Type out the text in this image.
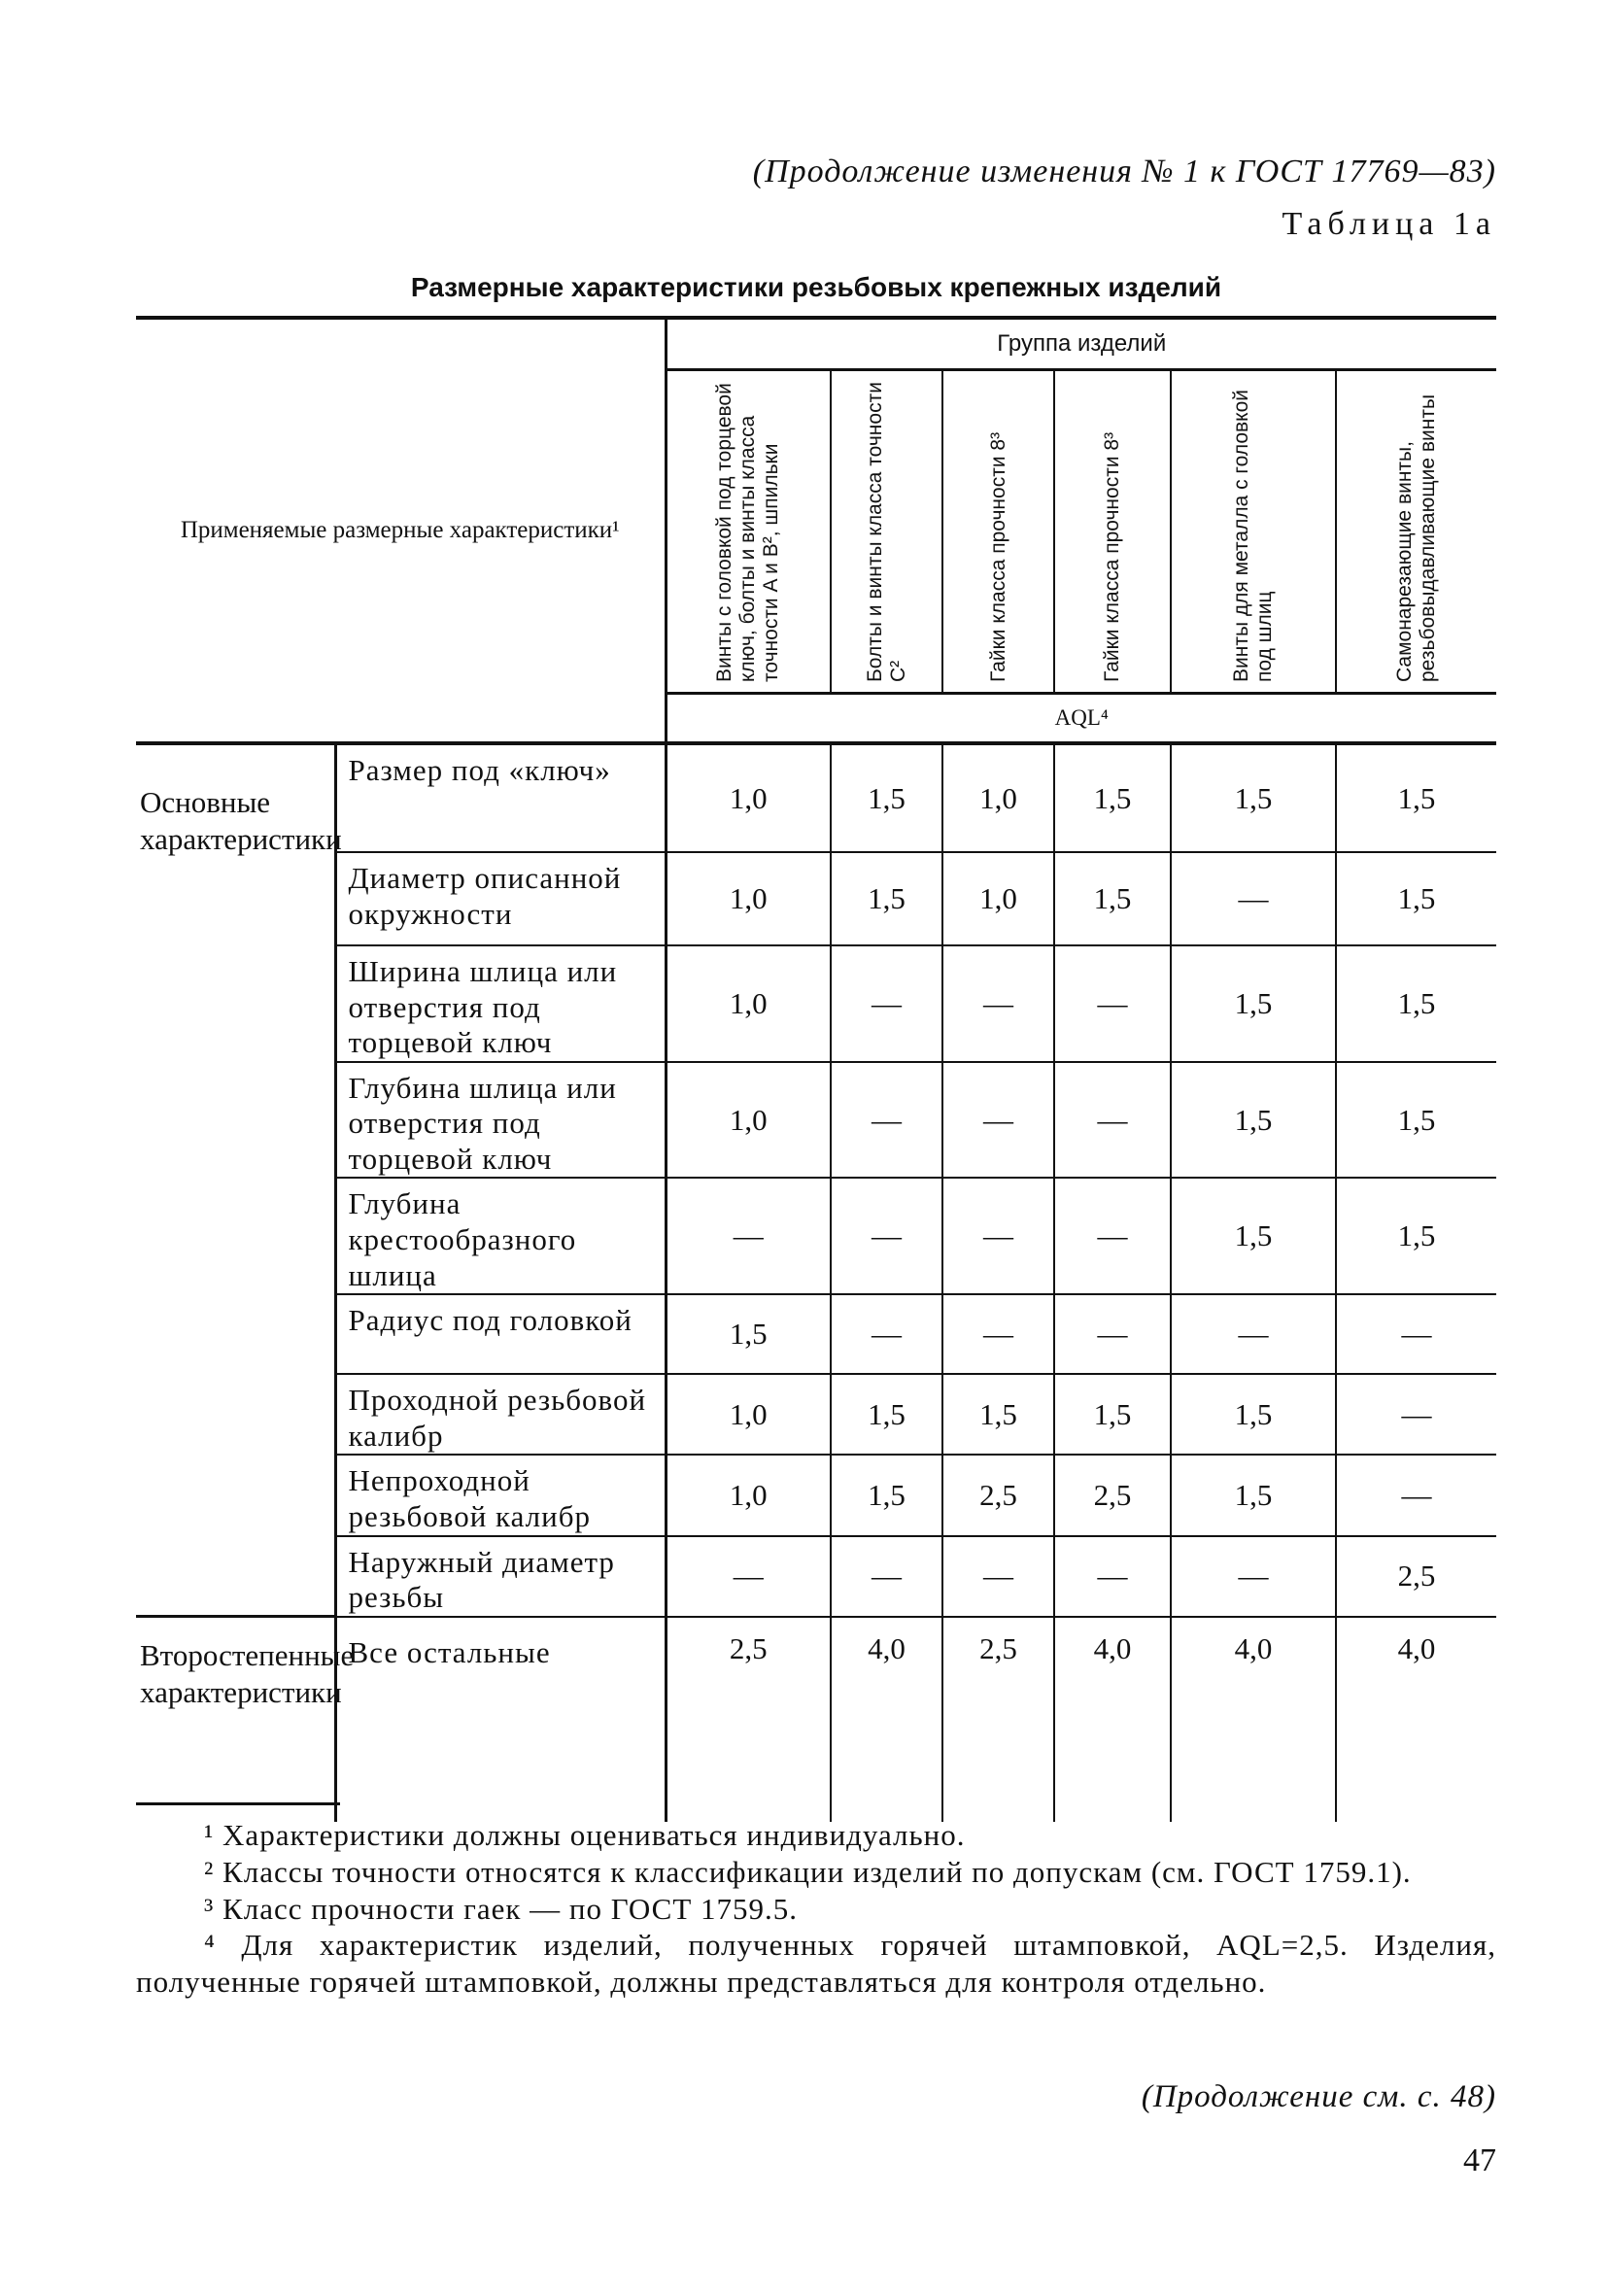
(Продолжение изменения № 1 к ГОСТ 17769—83)
Таблица 1а
Размерные характеристики резьбовых крепежных изделий
Применяемые размерные характеристики¹		Группа изделий					

		Винты с головкой под торцевой ключ, болты и винты класса точности A и B², шпильки	Болты и винты класса точности C²	Гайки класса прочности 8³	Гайки класса прочности 8³	Винты для металла с головкой под шлиц	Самонарезающие винты, резьбовыдавливающие винты

		AQL⁴					
Основные характеристики	Размер под «ключ»	1,0	1,5	1,0	1,5	1,5	1,5
	Диаметр описанной окружности	1,0	1,5	1,0	1,5	—	1,5
	Ширина шлица или отверстия под торцевой ключ	1,0	—	—	—	1,5	1,5
	Глубина шлица или отверстия под торцевой ключ	1,0	—	—	—	1,5	1,5
	Глубина крестообразного шлица	—	—	—	—	1,5	1,5
	Радиус под головкой	1,5	—	—	—	—	—
	Проходной резьбовой калибр	1,0	1,5	1,5	1,5	1,5	—
	Непроходной резьбовой калибр	1,0	1,5	2,5	2,5	1,5	—
	Наружный диаметр резьбы	—	—	—	—	—	2,5
Второстепенные характеристики	Все остальные	2,5	4,0	2,5	4,0	4,0	4,0

¹ Характеристики должны оцениваться индивидуально.

² Классы точности относятся к классификации изделий по допускам (см. ГОСТ 1759.1).

³ Класс прочности гаек — по ГОСТ 1759.5.

⁴ Для характеристик изделий, полученных горячей штамповкой, AQL=2,5. Изделия, полученные горячей штамповкой, должны представляться для контроля отдельно.

(Продолжение см. с. 48)
47
